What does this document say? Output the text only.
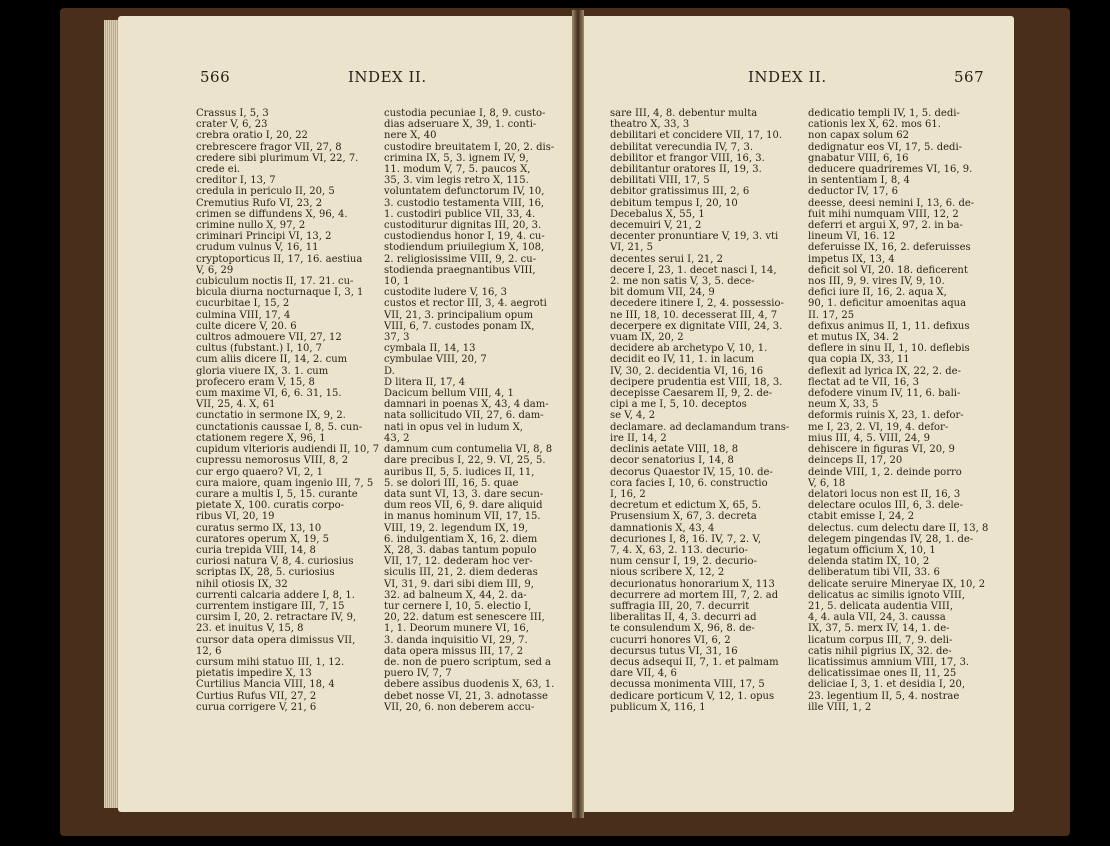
566	INDEX II.
Crassus I, 5, 3
crater V, 6, 23
crebra oratio I, 20, 22
crebrescere fragor VII, 27, 8
credere sibi plurimum VI, 22, 7.
crede ei.
creditor I, 13, 7
credula in periculo II, 20, 5
Cremutius Rufo VI, 23, 2
crimen se diffundens X, 96, 4.
crimine nullo X, 97, 2
criminari Principi VI, 13, 2
crudum vulnus V, 16, 11
cryptoporticus II, 17, 16. aestiua
V, 6, 29
cubiculum noctis II, 17. 21. cu-
bicula diurna nocturnaque I, 3, 1
cucurbitae I, 15, 2
culmina VIII, 17, 4
culte dicere V, 20. 6
cultros admouere VII, 27, 12
cultus (fubstant.) I, 10, 7
cum aliis dicere II, 14, 2. cum
gloria viuere IX, 3. 1. cum
profecero eram V, 15, 8
cum maxime VI, 6, 6. 31, 15.
VII, 25, 4. X, 61
cunctatio in sermone IX, 9, 2.
cunctationis caussae I, 8, 5. cun-
ctationem regere X, 96, 1
cupidum vlterioris audiendi II, 10, 7
cupressu nemorosus VIII, 8, 2
cur ergo quaero? VI, 2, 1
cura maiore, quam ingenio III, 7, 5
curare a multis I, 5, 15. curante
pietate X, 100. curatis corpo-
ribus VI, 20, 19
curatus sermo IX, 13, 10
curatores operum X, 19, 5
curia trepida VIII, 14, 8
curiosi natura V, 8, 4. curiosius
scriptas IX, 28, 5. curiosius
nihil otiosis IX, 32
currenti calcaria addere I, 8, 1.
currentem instigare III, 7, 15
cursim I, 20, 2. retractare IV, 9,
23. et inuitus V, 15, 8
cursor data opera dimissus VII,
12, 6
cursum mihi statuo III, 1, 12.
pietatis impedire X, 13
Curtilius Mancia VIII, 18, 4
Curtius Rufus VII, 27, 2
curua corrigere V, 21, 6
custodia pecuniae I, 8, 9. custo-
dias adseruare X, 39, 1. conti-
nere X, 40
custodire breuitatem I, 20, 2. dis-
crimina IX, 5, 3. ignem IV, 9,
11. modum V, 7, 5. paucos X,
35, 3. vim legis retro X, 115.
voluntatem defunctorum IV, 10,
3. custodio testamenta VIII, 16,
1. custodiri publice VII, 33, 4.
custoditurur dignitas III, 20, 3.
custodiendus honor I, 19, 4. cu-
stodiendum priuilegium X, 108,
2. religiosissime VIII, 9, 2. cu-
stodienda praegnantibus VIII,
10, 1
custodite ludere V, 16, 3
custos et rector III, 3, 4. aegroti
VII, 21, 3. principalium opum
VIII, 6, 7. custodes ponam IX,
37, 3
cymbala II, 14, 13
cymbulae VIII, 20, 7
D.
D litera II, 17, 4
Dacicum bellum VIII, 4, 1
damnari in poenas X, 43, 4 dam-
nata sollicitudo VII, 27, 6. dam-
nati in opus vel in ludum X,
43, 2
damnum cum contumelia VI, 8, 8
dare precibus I, 22, 9. VI, 25, 5.
auribus II, 5, 5. iudices II, 11,
5. se dolori III, 16, 5. quae
data sunt VI, 13, 3. dare secun-
dum reos VII, 6, 9. dare aliquid
in manus hominum VII, 17, 15.
VIII, 19, 2. legendum IX, 19,
6. indulgentiam X, 16, 2. diem
X, 28, 3. dabas tantum populo
VII, 17, 12. dederam hoc ver-
siculis III, 21, 2. diem dederas
VI, 31, 9. dari sibi diem III, 9,
32. ad balneum X, 44, 2. da-
tur cernere I, 10, 5. electio I,
20, 22. datum est senescere III,
1, 1. Deorum munere VI, 16,
3. danda inquisitio VI, 29, 7.
data opera missus III, 17, 2
de. non de puero scriptum, sed a
puero IV, 7, 7
debere assibus duodenis X, 63, 1.
debet nosse VI, 21, 3. adnotasse
VII, 20, 6. non deberem accu-
INDEX II.	567
sare III, 4, 8. debentur multa
theatro X, 33, 3
debilitari et concidere VII, 17, 10.
debilitat verecundia IV, 7, 3.
debilitor et frangor VIII, 16, 3.
debilitantur oratores II, 19, 3.
debilitati VIII, 17, 5
debitor gratissimus III, 2, 6
debitum tempus I, 20, 10
Decebalus X, 55, 1
decemuiri V, 21, 2
decenter pronuntiare V, 19, 3. vti
VI, 21, 5
decentes serui I, 21, 2
decere I, 23, 1. decet nasci I, 14,
2. me non satis V, 3, 5. dece-
bit domum VII, 24, 9
decedere itinere I, 2, 4. possessio-
ne III, 18, 10. decesserat III, 4, 7
decerpere ex dignitate VIII, 24, 3.
vuam IX, 20, 2
decidere ab archetypo V, 10, 1.
decidit eo IV, 11, 1. in lacum
IV, 30, 2. decidentia VI, 16, 16
decipere prudentia est VIII, 18, 3.
decepisse Caesarem II, 9, 2. de-
cipi a me I, 5, 10. deceptos
se V, 4, 2
declamare. ad declamandum trans-
ire II, 14, 2
declinis aetate VIII, 18, 8
decor senatorius I, 14, 8
decorus Quaestor IV, 15, 10. de-
cora facies I, 10, 6. constructio
I, 16, 2
decretum et edictum X, 65, 5.
Prusensium X, 67, 3. decreta
damnationis X, 43, 4
decuriones I, 8, 16. IV, 7, 2. V,
7, 4. X, 63, 2. 113. decurio-
num censur I, 19, 2. decurio-
nious scribere X, 12, 2
decurionatus honorarium X, 113
decurrere ad mortem III, 7, 2. ad
suffragia III, 20, 7. decurrit
liberalitas II, 4, 3. decurri ad
te consulendum X, 96, 8. de-
cucurri honores VI, 6, 2
decursus tutus VI, 31, 16
decus adsequi II, 7, 1. et palmam
dare VII, 4, 6
decussa monimenta VIII, 17, 5
dedicare porticum V, 12, 1. opus
publicum X, 116, 1
dedicatio templi IV, 1, 5. dedi-
cationis lex X, 62. mos 61.
non capax solum 62
dedignatur eos VI, 17, 5. dedi-
gnabatur VIII, 6, 16
deducere quadriremes VI, 16, 9.
in sententiam I, 8, 4
deductor IV, 17, 6
deesse, deesi nemini I, 13, 6. de-
fuit mihi numquam VIII, 12, 2
deferri et argui X, 97, 2. in ba-
lineum VI, 16. 12
deferuisse IX, 16, 2. deferuisses
impetus IX, 13, 4
deficit sol VI, 20. 18. deficerent
nos III, 9, 9. vires IV, 9, 10.
defici iure II, 16, 2. aqua X,
90, 1. deficitur amoenitas aqua
II. 17, 25
defixus animus II, 1, 11. defixus
et mutus IX, 34. 2
deflere in sinu II, 1, 10. deflebis
qua copia IX, 33, 11
deflexit ad lyrica IX, 22, 2. de-
flectat ad te VII, 16, 3
defodere vinum IV, 11, 6. bali-
neum X, 33, 5
deformis ruinis X, 23, 1. defor-
me I, 23, 2. VI, 19, 4. defor-
mius III, 4, 5. VIII, 24, 9
dehiscere in figuras VI, 20, 9
deinceps II, 17, 20
deinde VIII, 1, 2. deinde porro
V, 6, 18
delatori locus non est II, 16, 3
delectare oculos III, 6, 3. dele-
ctabit emisse I, 24, 2
delectus. cum delectu dare II, 13, 8
delegem pingendas IV, 28, 1. de-
legatum officium X, 10, 1
delenda statim IX, 10, 2
deliberatum tibi VII, 33. 6
delicate seruire Minerуae IX, 10, 2
delicatus ac similis ignoto VIII,
21, 5. delicata audentia VIII,
4, 4. aula VII, 24, 3. caussa
IX, 37, 5. merx IV, 14, 1. de-
licatum corpus III, 7, 9. deli-
catis nihil pigrius IX, 32. de-
licatissimus amnium VIII, 17, 3.
delicatissimae ones II, 11, 25
deliciae I, 3, 1. et desidia I, 20,
23. legentium II, 5, 4. nostrae
ille VIII, 1, 2
